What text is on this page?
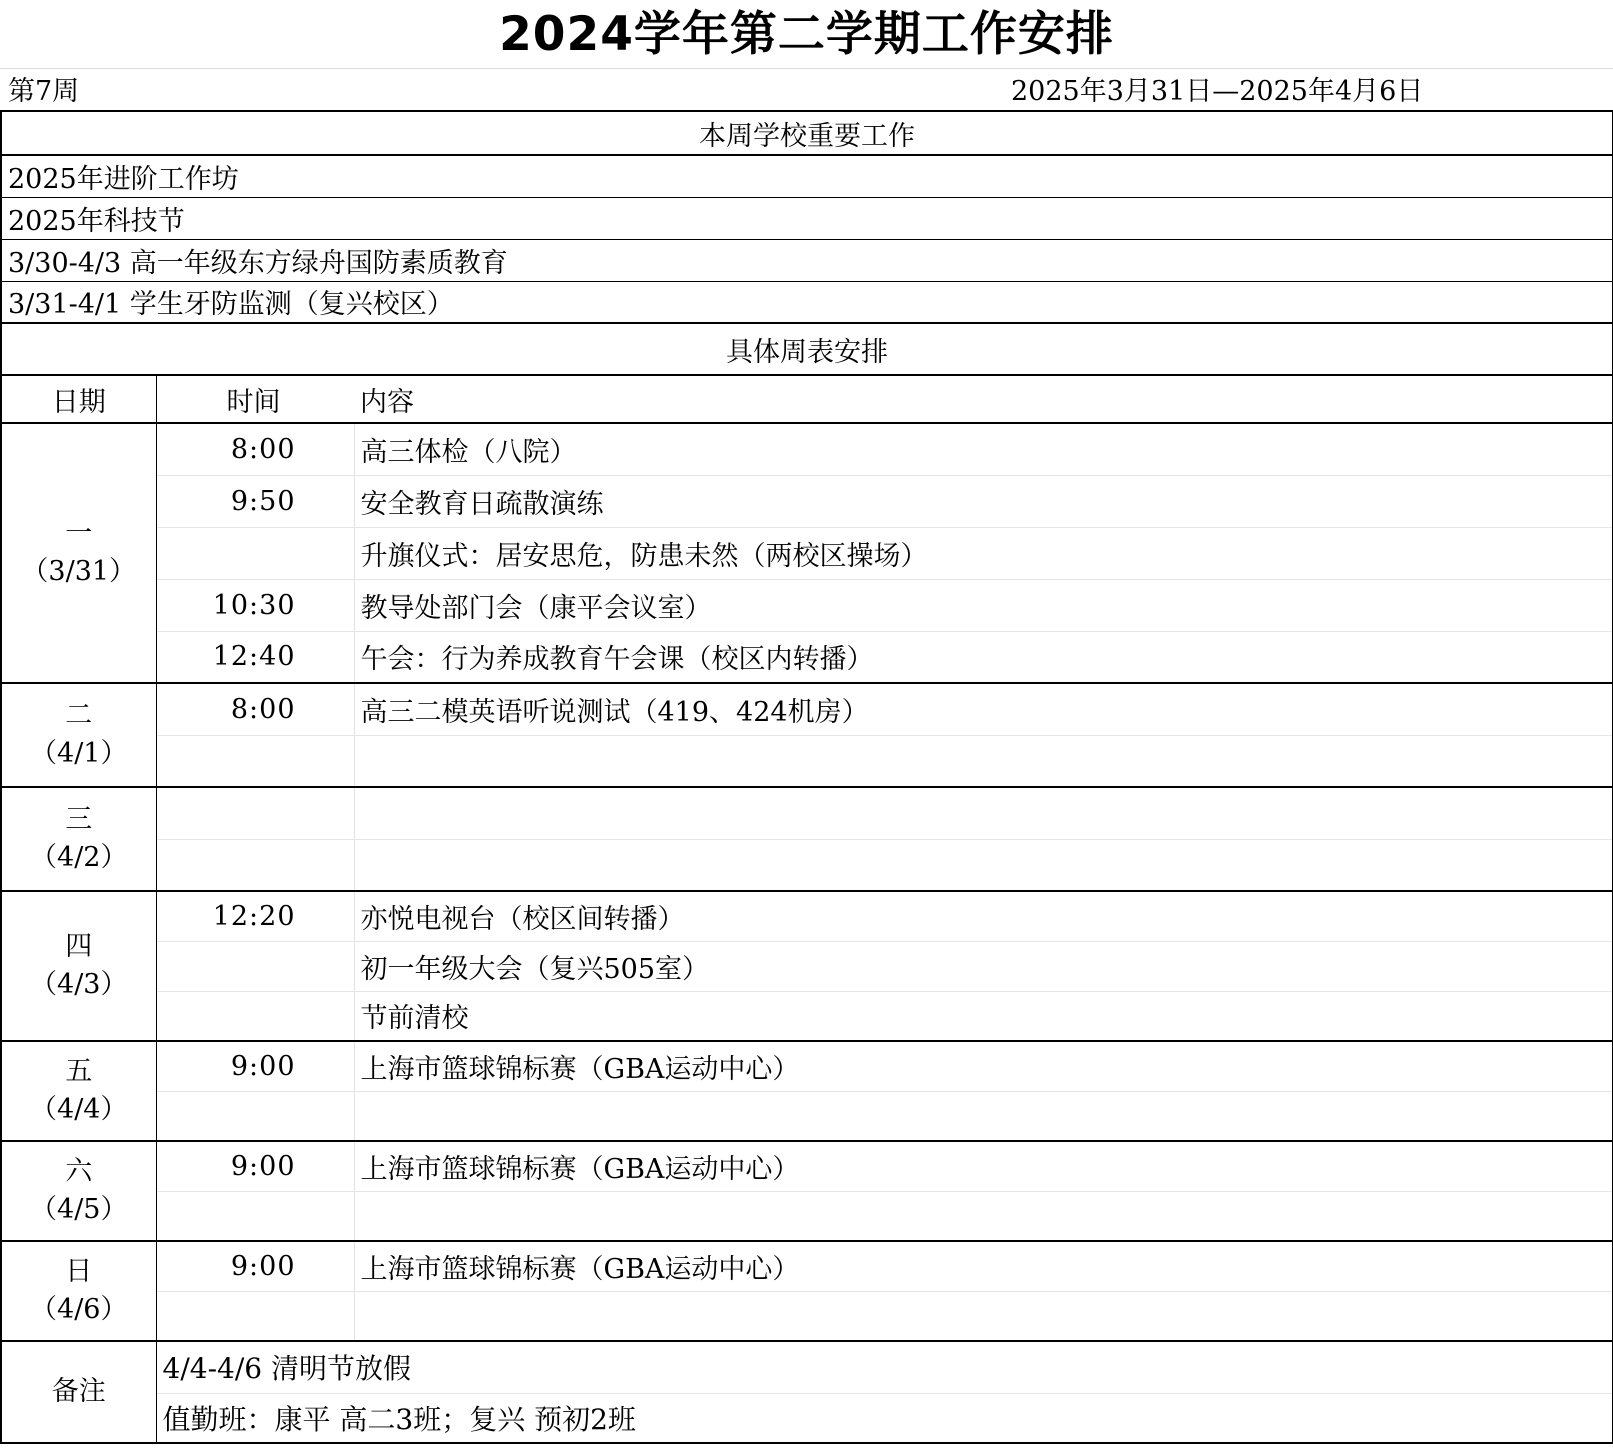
2024学年第二学期工作安排
第7周	2025年3月31日—2025年4月6日
本周学校重要工作		
2025年进阶工作坊		
2025年科技节		
3/30-4/3 高一年级东方绿舟国防素质教育		
3/31-4/1 学生牙防监测（复兴校区）		
具体周表安排		
日期	时间	内容
一
（3/31）	8:00	高三体检（八院）
	9:50	安全教育日疏散演练
		升旗仪式：居安思危，防患未然（两校区操场）
	10:30	教导处部门会（康平会议室）
	12:40	午会：行为养成教育午会课（校区内转播）
二
（4/1）	8:00	高三二模英语听说测试（419、424机房）

三
（4/2）		

四
（4/3）	12:20	亦悦电视台（校区间转播）
		初一年级大会（复兴505室）
		节前清校
五
（4/4）	9:00	上海市篮球锦标赛（GBA运动中心）

六
（4/5）	9:00	上海市篮球锦标赛（GBA运动中心）

日
（4/6）	9:00	上海市篮球锦标赛（GBA运动中心）

备注	4/4-4/6 清明节放假	
	值勤班：康平 高二3班；复兴 预初2班	
